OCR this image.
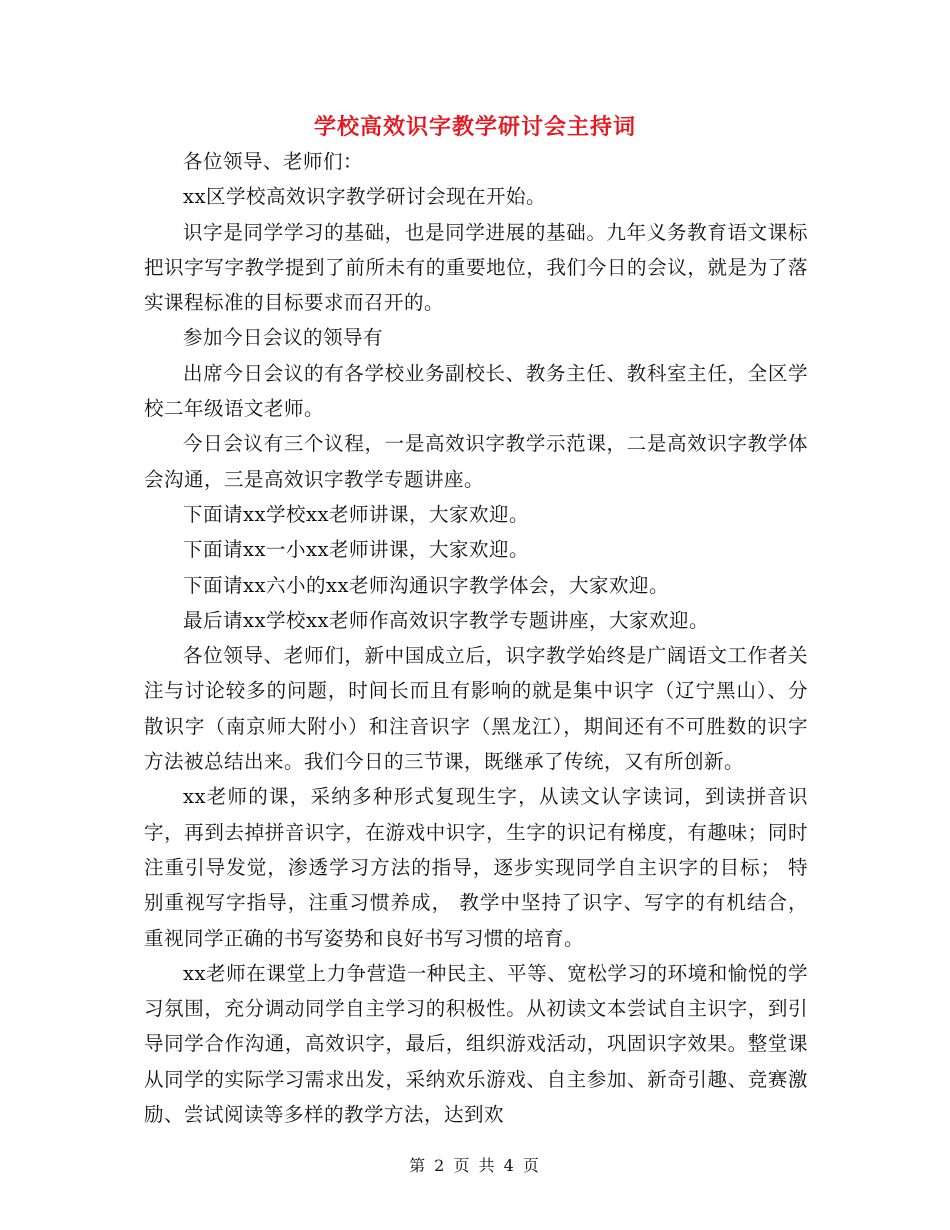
学校高效识字教学研讨会主持词

各位领导、老师们：

xx区学校高效识字教学研讨会现在开始。

识字是同学学习的基础，也是同学进展的基础。九年义务教育语文课标把识字写字教学提到了前所未有的重要地位，我们今日的会议，就是为了落实课程标准的目标要求而召开的。

参加今日会议的领导有

出席今日会议的有各学校业务副校长、教务主任、教科室主任，全区学校二年级语文老师。

今日会议有三个议程，一是高效识字教学示范课，二是高效识字教学体会沟通，三是高效识字教学专题讲座。

下面请xx学校xx老师讲课，大家欢迎。

下面请xx一小xx老师讲课，大家欢迎。

下面请xx六小的xx老师沟通识字教学体会，大家欢迎。

最后请xx学校xx老师作高效识字教学专题讲座，大家欢迎。

各位领导、老师们，新中国成立后，识字教学始终是广阔语文工作者关注与讨论较多的问题，时间长而且有影响的就是集中识字（辽宁黑山）、分散识字（南京师大附小）和注音识字（黑龙江），期间还有不可胜数的识字方法被总结出来。我们今日的三节课，既继承了传统，又有所创新。

xx老师的课，采纳多种形式复现生字，从读文认字读词，到读拼音识字，再到去掉拼音识字，在游戏中识字，生字的识记有梯度，有趣味；同时注重引导发觉，渗透学习方法的指导，逐步实现同学自主识字的目标； 特别重视写字指导，注重习惯养成， 教学中坚持了识字、写字的有机结合，重视同学正确的书写姿势和良好书写习惯的培育。

xx老师在课堂上力争营造一种民主、平等、宽松学习的环境和愉悦的学习氛围，充分调动同学自主学习的积极性。从初读文本尝试自主识字，到引导同学合作沟通，高效识字，最后，组织游戏活动，巩固识字效果。整堂课从同学的实际学习需求出发，采纳欢乐游戏、自主参加、新奇引趣、竞赛激励、尝试阅读等多样的教学方法，达到欢

第 2 页 共 4 页
